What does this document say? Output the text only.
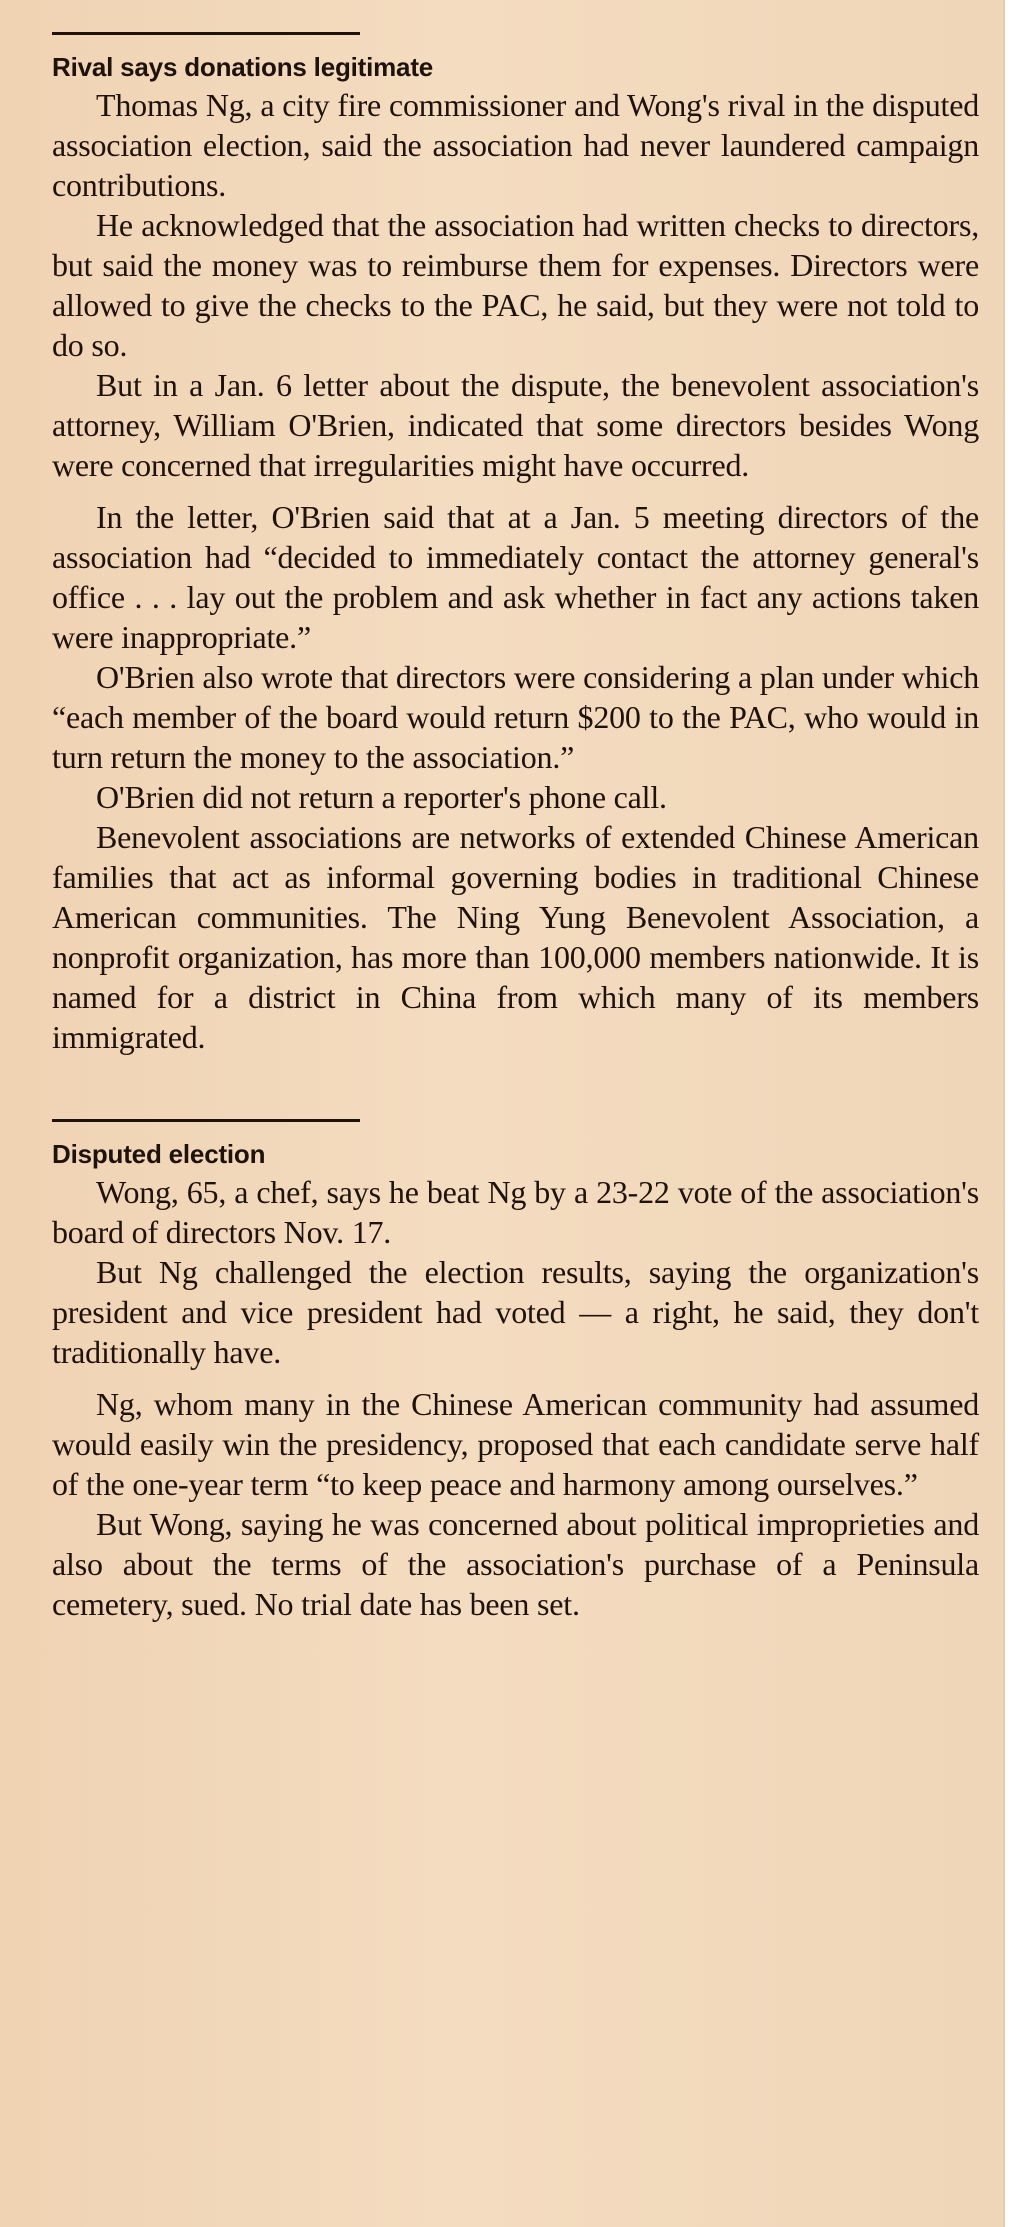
Rival says donations legitimate

Thomas Ng, a city fire commissioner and Wong's rival in the disputed association election, said the association had never laundered campaign contributions.

He acknowledged that the association had written checks to directors, but said the money was to reimburse them for expenses. Directors were allowed to give the checks to the PAC, he said, but they were not told to do so.

But in a Jan. 6 letter about the dispute, the benevolent association's attorney, William O'Brien, indicated that some directors besides Wong were concerned that irregularities might have occurred.

In the letter, O'Brien said that at a Jan. 5 meeting directors of the association had “decided to immediately contact the attorney general's office . . . lay out the problem and ask whether in fact any actions taken were inappropriate.”

O'Brien also wrote that directors were considering a plan under which “each member of the board would return $200 to the PAC, who would in turn return the money to the association.”

O'Brien did not return a reporter's phone call.

Benevolent associations are networks of extended Chinese American families that act as informal governing bodies in traditional Chinese American communities. The Ning Yung Benevolent Association, a nonprofit organization, has more than 100,000 members nationwide. It is named for a district in China from which many of its members immigrated.

Disputed election

Wong, 65, a chef, says he beat Ng by a 23-22 vote of the association's board of directors Nov. 17.

But Ng challenged the election results, saying the organization's president and vice president had voted — a right, he said, they don't traditionally have.

Ng, whom many in the Chinese American community had assumed would easily win the presidency, proposed that each candidate serve half of the one-year term “to keep peace and harmony among ourselves.”

But Wong, saying he was concerned about political improprieties and also about the terms of the association's purchase of a Peninsula cemetery, sued. No trial date has been set.
